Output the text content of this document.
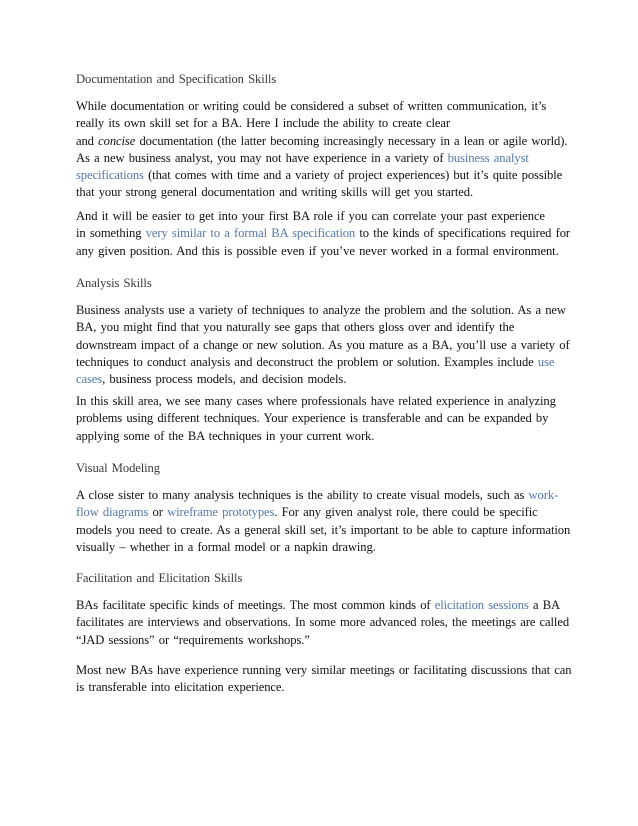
Documentation and Specification Skills
While documentation or writing could be considered a subset of written communication, it’s
really its own skill set for a BA. Here I include the ability to create clear
and concise documentation (the latter becoming increasingly necessary in a lean or agile world).
As a new business analyst, you may not have experience in a variety of business analyst
specifications (that comes with time and a variety of project experiences) but it’s quite possible
that your strong general documentation and writing skills will get you started.
And it will be easier to get into your first BA role if you can correlate your past experience
in something very similar to a formal BA specification to the kinds of specifications required for
any given position. And this is possible even if you’ve never worked in a formal environment.
Analysis Skills
Business analysts use a variety of techniques to analyze the problem and the solution. As a new
BA, you might find that you naturally see gaps that others gloss over and identify the
downstream impact of a change or new solution. As you mature as a BA, you’ll use a variety of
techniques to conduct analysis and deconstruct the problem or solution. Examples include use
cases, business process models, and decision models.
In this skill area, we see many cases where professionals have related experience in analyzing
problems using different techniques. Your experience is transferable and can be expanded by
applying some of the BA techniques in your current work.
Visual Modeling
A close sister to many analysis techniques is the ability to create visual models, such as work-
flow diagrams or wireframe prototypes. For any given analyst role, there could be specific
models you need to create. As a general skill set, it’s important to be able to capture information
visually – whether in a formal model or a napkin drawing.
Facilitation and Elicitation Skills
BAs facilitate specific kinds of meetings. The most common kinds of elicitation sessions a BA
facilitates are interviews and observations. In some more advanced roles, the meetings are called
“JAD sessions” or “requirements workshops.”
Most new BAs have experience running very similar meetings or facilitating discussions that can
is transferable into elicitation experience.
